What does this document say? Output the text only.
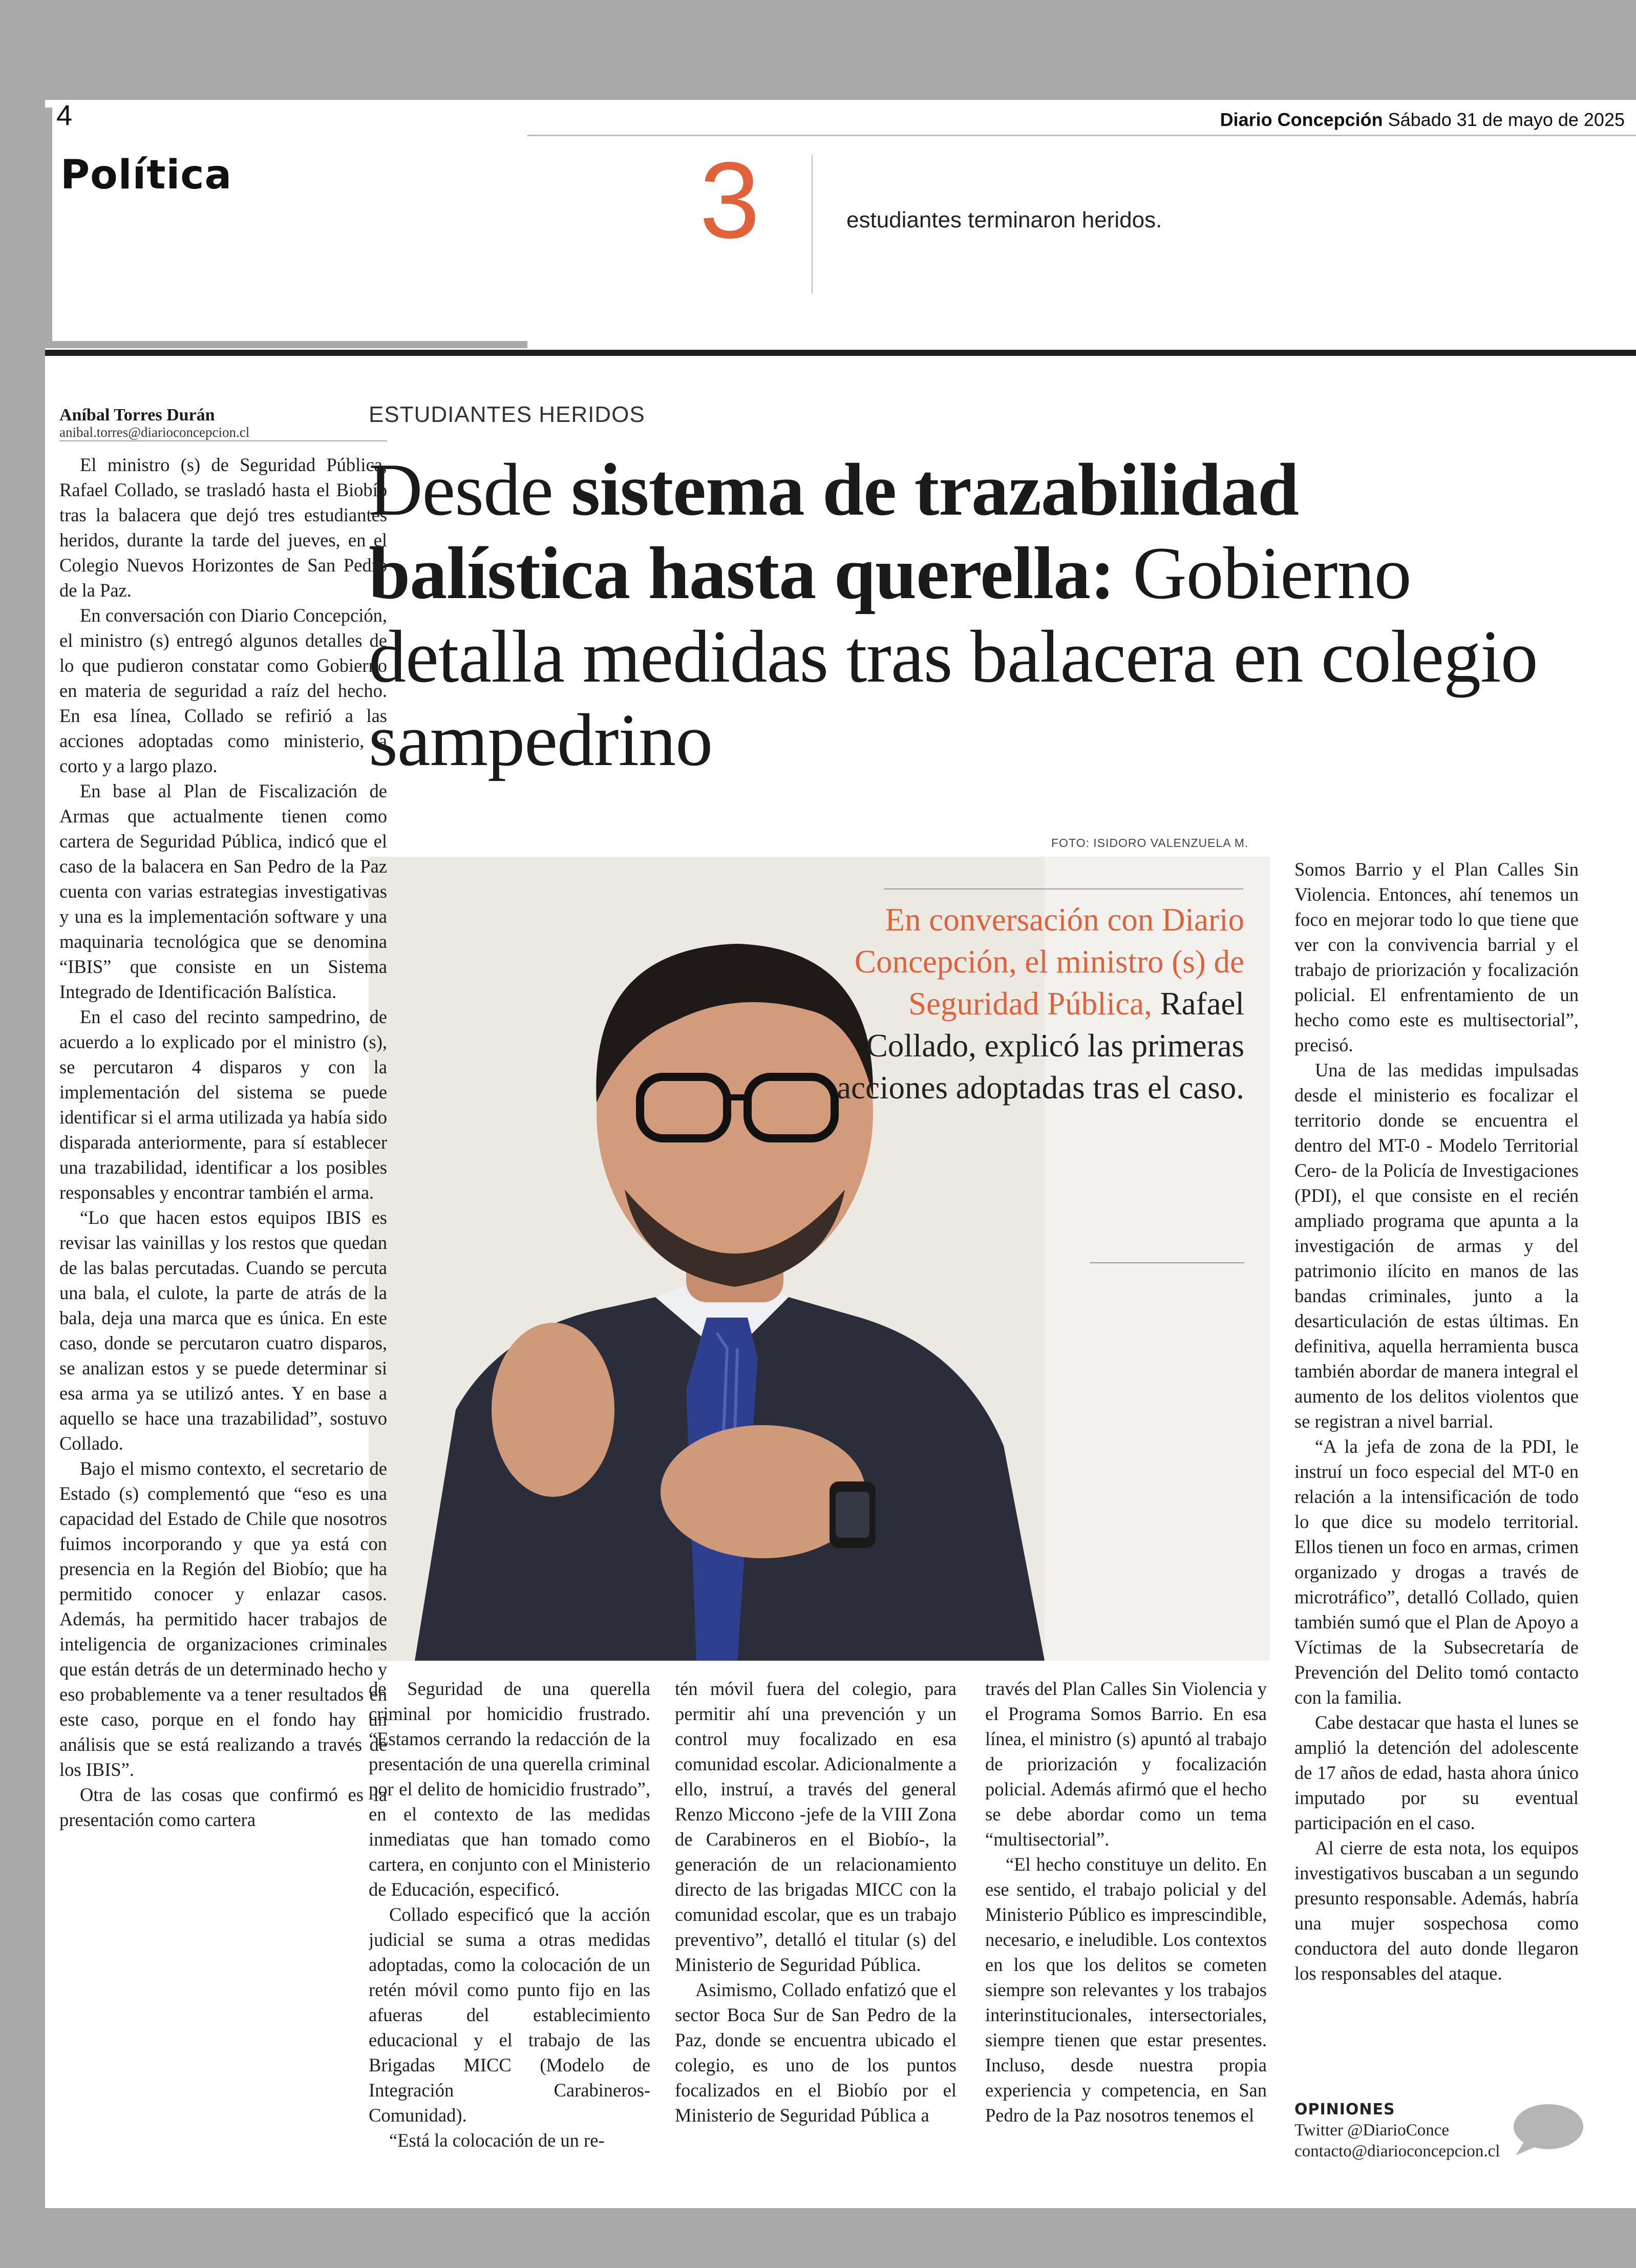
4
Política
Diario Concepción Sábado 31 de mayo de 2025
3	estudiantes terminaron heridos.
Aníbal Torres Durán
anibal.torres@diarioconcepcion.cl
ESTUDIANTES HERIDOS
Desde sistema de trazabilidad balística hasta querella: Gobierno detalla medidas tras balacera en colegio sampedrino
FOTO: ISIDORO VALENZUELA M.
En conversación con Diario Concepción, el ministro (s) de Seguridad Pública, Rafael Collado, explicó las primeras acciones adoptadas tras el caso.

El ministro (s) de Seguridad Pública, Rafael Collado, se trasladó hasta el Biobío tras la balacera que dejó tres estudiantes heridos, durante la tarde del jueves, en el Colegio Nuevos Horizontes de San Pedro de la Paz.

En conversación con Diario Concepción, el ministro (s) entregó algunos detalles de lo que pudieron constatar como Gobierno en materia de seguridad a raíz del hecho. En esa línea, Collado se refirió a las acciones adoptadas como ministerio, a corto y a largo plazo.

En base al Plan de Fiscalización de Armas que actualmente tienen como cartera de Seguridad Pública, indicó que el caso de la balacera en San Pedro de la Paz cuenta con varias estrategias investigativas y una es la implementación software y una maquinaria tecnológica que se denomina “IBIS” que consiste en un Sistema Integrado de Identificación Balística.

En el caso del recinto sampedrino, de acuerdo a lo explicado por el ministro (s), se percutaron 4 disparos y con la implementación del sistema se puede identificar si el arma utilizada ya había sido disparada anteriormente, para sí establecer una trazabilidad, identificar a los posibles responsables y encontrar también el arma.

“Lo que hacen estos equipos IBIS es revisar las vainillas y los restos que quedan de las balas percutadas. Cuando se percuta una bala, el culote, la parte de atrás de la bala, deja una marca que es única. En este caso, donde se percutaron cuatro disparos, se analizan estos y se puede determinar si esa arma ya se utilizó antes. Y en base a aquello se hace una trazabilidad”, sostuvo Collado.

Bajo el mismo contexto, el secretario de Estado (s) complementó que “eso es una capacidad del Estado de Chile que nosotros fuimos incorporando y que ya está con presencia en la Región del Biobío; que ha permitido conocer y enlazar casos. Además, ha permitido hacer trabajos de inteligencia de organizaciones criminales que están detrás de un determinado hecho y eso probablemente va a tener resultados en este caso, porque en el fondo hay un análisis que se está realizando a través de los IBIS”.

Otra de las cosas que confirmó es la presentación como cartera

de Seguridad de una querella criminal por homicidio frustrado. “Estamos cerrando la redacción de la presentación de una querella criminal por el delito de homicidio frustrado”, en el contexto de las medidas inmediatas que han tomado como cartera, en conjunto con el Ministerio de Educación, especificó.

Collado especificó que la acción judicial se suma a otras medidas adoptadas, como la colocación de un retén móvil como punto fijo en las afueras del establecimiento educacional y el trabajo de las Brigadas MICC (Modelo de Integración Carabineros- Comunidad).

“Está la colocación de un re-

tén móvil fuera del colegio, para permitir ahí una prevención y un control muy focalizado en esa comunidad escolar. Adicionalmente a ello, instruí, a través del general Renzo Miccono -jefe de la VIII Zona de Carabineros en el Biobío-, la generación de un relacionamiento directo de las brigadas MICC con la comunidad escolar, que es un trabajo preventivo”, detalló el titular (s) del Ministerio de Seguridad Pública.

Asimismo, Collado enfatizó que el sector Boca Sur de San Pedro de la Paz, donde se encuentra ubicado el colegio, es uno de los puntos focalizados en el Biobío por el Ministerio de Seguridad Pública a

través del Plan Calles Sin Violencia y el Programa Somos Barrio. En esa línea, el ministro (s) apuntó al trabajo de priorización y focalización policial. Además afirmó que el hecho se debe abordar como un tema “multisectorial”.

“El hecho constituye un delito. En ese sentido, el trabajo policial y del Ministerio Público es imprescindible, necesario, e ineludible. Los contextos en los que los delitos se cometen siempre son relevantes y los trabajos interinstitucionales, intersectoriales, siempre tienen que estar presentes. Incluso, desde nuestra propia experiencia y competencia, en San Pedro de la Paz nosotros tenemos el

Somos Barrio y el Plan Calles Sin Violencia. Entonces, ahí tenemos un foco en mejorar todo lo que tiene que ver con la convivencia barrial y el trabajo de priorización y focalización policial. El enfrentamiento de un hecho como este es multisectorial”, precisó.

Una de las medidas impulsadas desde el ministerio es focalizar el territorio donde se encuentra el dentro del MT-0 - Modelo Territorial Cero- de la Policía de Investigaciones (PDI), el que consiste en el recién ampliado programa que apunta a la investigación de armas y del patrimonio ilícito en manos de las bandas criminales, junto a la desarticulación de estas últimas. En definitiva, aquella herramienta busca también abordar de manera integral el aumento de los delitos violentos que se registran a nivel barrial.

“A la jefa de zona de la PDI, le instruí un foco especial del MT-0 en relación a la intensificación de todo lo que dice su modelo territorial. Ellos tienen un foco en armas, crimen organizado y drogas a través de microtráfico”, detalló Collado, quien también sumó que el Plan de Apoyo a Víctimas de la Subsecretaría de Prevención del Delito tomó contacto con la familia.

Cabe destacar que hasta el lunes se amplió la detención del adolescente de 17 años de edad, hasta ahora único imputado por su eventual participación en el caso.

Al cierre de esta nota, los equipos investigativos buscaban a un segundo presunto responsable. Además, habría una mujer sospechosa como conductora del auto donde llegaron los responsables del ataque.

OPINIONES
Twitter @DiarioConce
contacto@diarioconcepcion.cl
